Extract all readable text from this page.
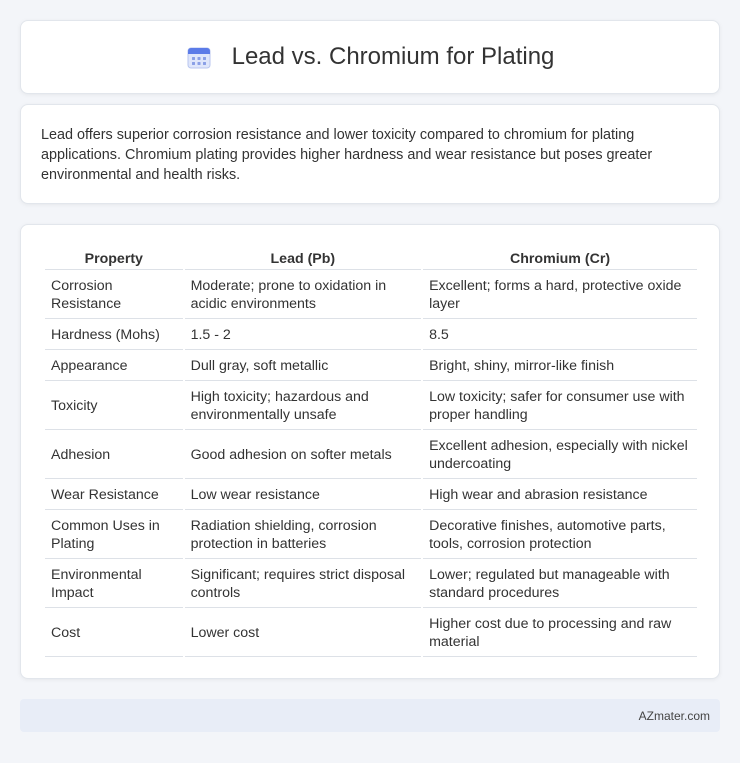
Lead vs. Chromium for Plating

Lead offers superior corrosion resistance and lower toxicity compared to chromium for plating applications. Chromium plating provides higher hardness and wear resistance but poses greater environmental and health risks.

Property	Lead (Pb)	Chromium (Cr)
Corrosion Resistance	Moderate; prone to oxidation in acidic environments	Excellent; forms a hard, protective oxide layer
Hardness (Mohs)	1.5 - 2	8.5
Appearance	Dull gray, soft metallic	Bright, shiny, mirror-like finish
Toxicity	High toxicity; hazardous and environmentally unsafe	Low toxicity; safer for consumer use with proper handling
Adhesion	Good adhesion on softer metals	Excellent adhesion, especially with nickel undercoating
Wear Resistance	Low wear resistance	High wear and abrasion resistance
Common Uses in Plating	Radiation shielding, corrosion protection in batteries	Decorative finishes, automotive parts, tools, corrosion protection
Environmental Impact	Significant; requires strict disposal controls	Lower; regulated but manageable with standard procedures
Cost	Lower cost	Higher cost due to processing and raw material
AZmater.com
